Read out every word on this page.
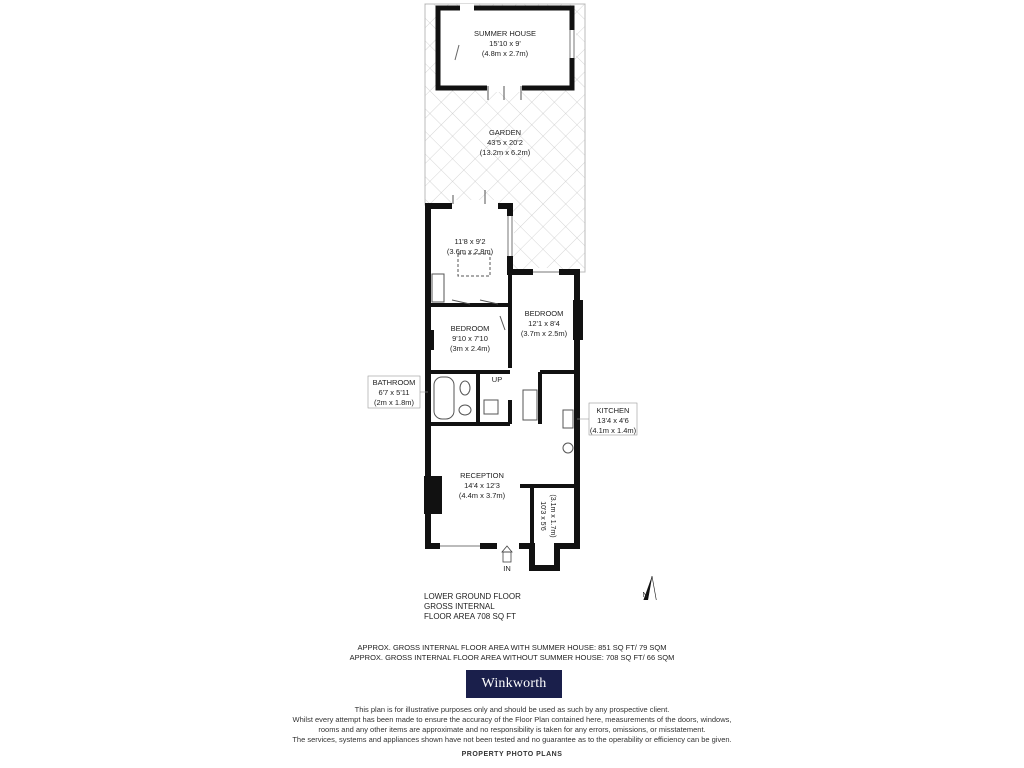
SUMMER HOUSE
15'10 x 9'
(4.8m x 2.7m)
GARDEN
43'5 x 20'2
(13.2m x 6.2m)
11'8 x 9'2
(3.6m x 2.8m)
BEDROOM
12'1 x 8'4
(3.7m x 2.5m)
BEDROOM
9'10 x 7'10
(3m x 2.4m)
BATHROOM
6'7 x 5'11
(2m x 1.8m)
KITCHEN
13'4 x 4'6
(4.1m x 1.4m)
RECEPTION
14'4 x 12'3
(4.4m x 3.7m)
10'3 x 5'6 (3.1m x 1.7m)
UP
IN
N
LOWER GROUND FLOOR
GROSS INTERNAL
FLOOR AREA 708 SQ FT
APPROX. GROSS INTERNAL FLOOR AREA WITH SUMMER HOUSE: 851 SQ FT/ 79 SQM
APPROX. GROSS INTERNAL FLOOR AREA WITHOUT SUMMER HOUSE: 708 SQ FT/ 66 SQM
Winkworth
This plan is for illustrative purposes only and should be used as such by any prospective client.
Whilst every attempt has been made to ensure the accuracy of the Floor Plan contained here, measurements of the doors, windows,
rooms and any other items are approximate and no responsibility is taken for any errors, omissions, or misstatement.
The services, systems and appliances shown have not been tested and no guarantee as to the operability or efficiency can be given.
PROPERTY PHOTO PLANS
